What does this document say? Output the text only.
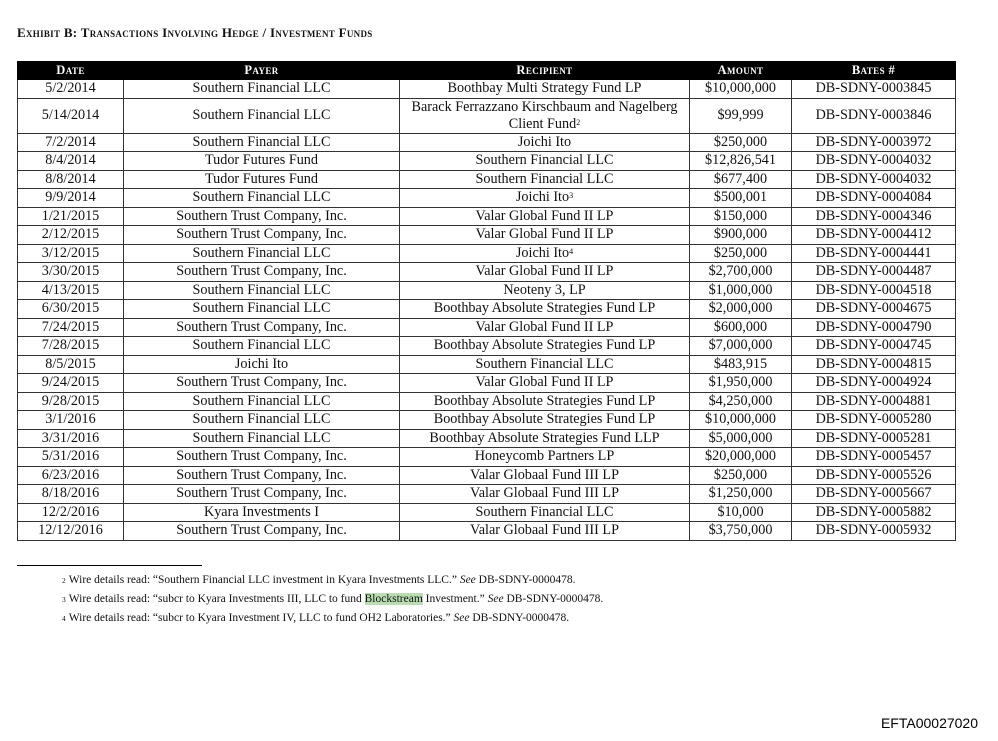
Exhibit B: Transactions Involving Hedge / Investment Funds
Date	Payer	Recipient	Amount	Bates #
5/2/2014	Southern Financial LLC	Boothbay Multi Strategy Fund LP	$10,000,000	DB-SDNY-0003845
5/14/2014	Southern Financial LLC	Barack Ferrazzano Kirschbaum and Nagelberg Client Fund$^2$	$99,999	DB-SDNY-0003846
7/2/2014	Southern Financial LLC	Joichi Ito	$250,000	DB-SDNY-0003972
8/4/2014	Tudor Futures Fund	Southern Financial LLC	$12,826,541	DB-SDNY-0004032
8/8/2014	Tudor Futures Fund	Southern Financial LLC	$677,400	DB-SDNY-0004032
9/9/2014	Southern Financial LLC	Joichi Ito$^3$	$500,001	DB-SDNY-0004084
1/21/2015	Southern Trust Company, Inc.	Valar Global Fund II LP	$150,000	DB-SDNY-0004346
2/12/2015	Southern Trust Company, Inc.	Valar Global Fund II LP	$900,000	DB-SDNY-0004412
3/12/2015	Southern Financial LLC	Joichi Ito$^4$	$250,000	DB-SDNY-0004441
3/30/2015	Southern Trust Company, Inc.	Valar Global Fund II LP	$2,700,000	DB-SDNY-0004487
4/13/2015	Southern Financial LLC	Neoteny 3, LP	$1,000,000	DB-SDNY-0004518
6/30/2015	Southern Financial LLC	Boothbay Absolute Strategies Fund LP	$2,000,000	DB-SDNY-0004675
7/24/2015	Southern Trust Company, Inc.	Valar Global Fund II LP	$600,000	DB-SDNY-0004790
7/28/2015	Southern Financial LLC	Boothbay Absolute Strategies Fund LP	$7,000,000	DB-SDNY-0004745
8/5/2015	Joichi Ito	Southern Financial LLC	$483,915	DB-SDNY-0004815
9/24/2015	Southern Trust Company, Inc.	Valar Global Fund II LP	$1,950,000	DB-SDNY-0004924
9/28/2015	Southern Financial LLC	Boothbay Absolute Strategies Fund LP	$4,250,000	DB-SDNY-0004881
3/1/2016	Southern Financial LLC	Boothbay Absolute Strategies Fund LP	$10,000,000	DB-SDNY-0005280
3/31/2016	Southern Financial LLC	Boothbay Absolute Strategies Fund LLP	$5,000,000	DB-SDNY-0005281
5/31/2016	Southern Trust Company, Inc.	Honeycomb Partners LP	$20,000,000	DB-SDNY-0005457
6/23/2016	Southern Trust Company, Inc.	Valar Globaal Fund III LP	$250,000	DB-SDNY-0005526
8/18/2016	Southern Trust Company, Inc.	Valar Globaal Fund III LP	$1,250,000	DB-SDNY-0005667
12/2/2016	Kyara Investments I	Southern Financial LLC	$10,000	DB-SDNY-0005882
12/12/2016	Southern Trust Company, Inc.	Valar Globaal Fund III LP	$3,750,000	DB-SDNY-0005932
$^2$ Wire details read: “Southern Financial LLC investment in Kyara Investments LLC.” See DB-SDNY-0000478.
$^3$ Wire details read: “subcr to Kyara Investments III, LLC to fund Blockstream Investment.” See DB-SDNY-0000478.
$^4$ Wire details read: “subcr to Kyara Investment IV, LLC to fund OH2 Laboratories.” See DB-SDNY-0000478.
EFTA00027020
